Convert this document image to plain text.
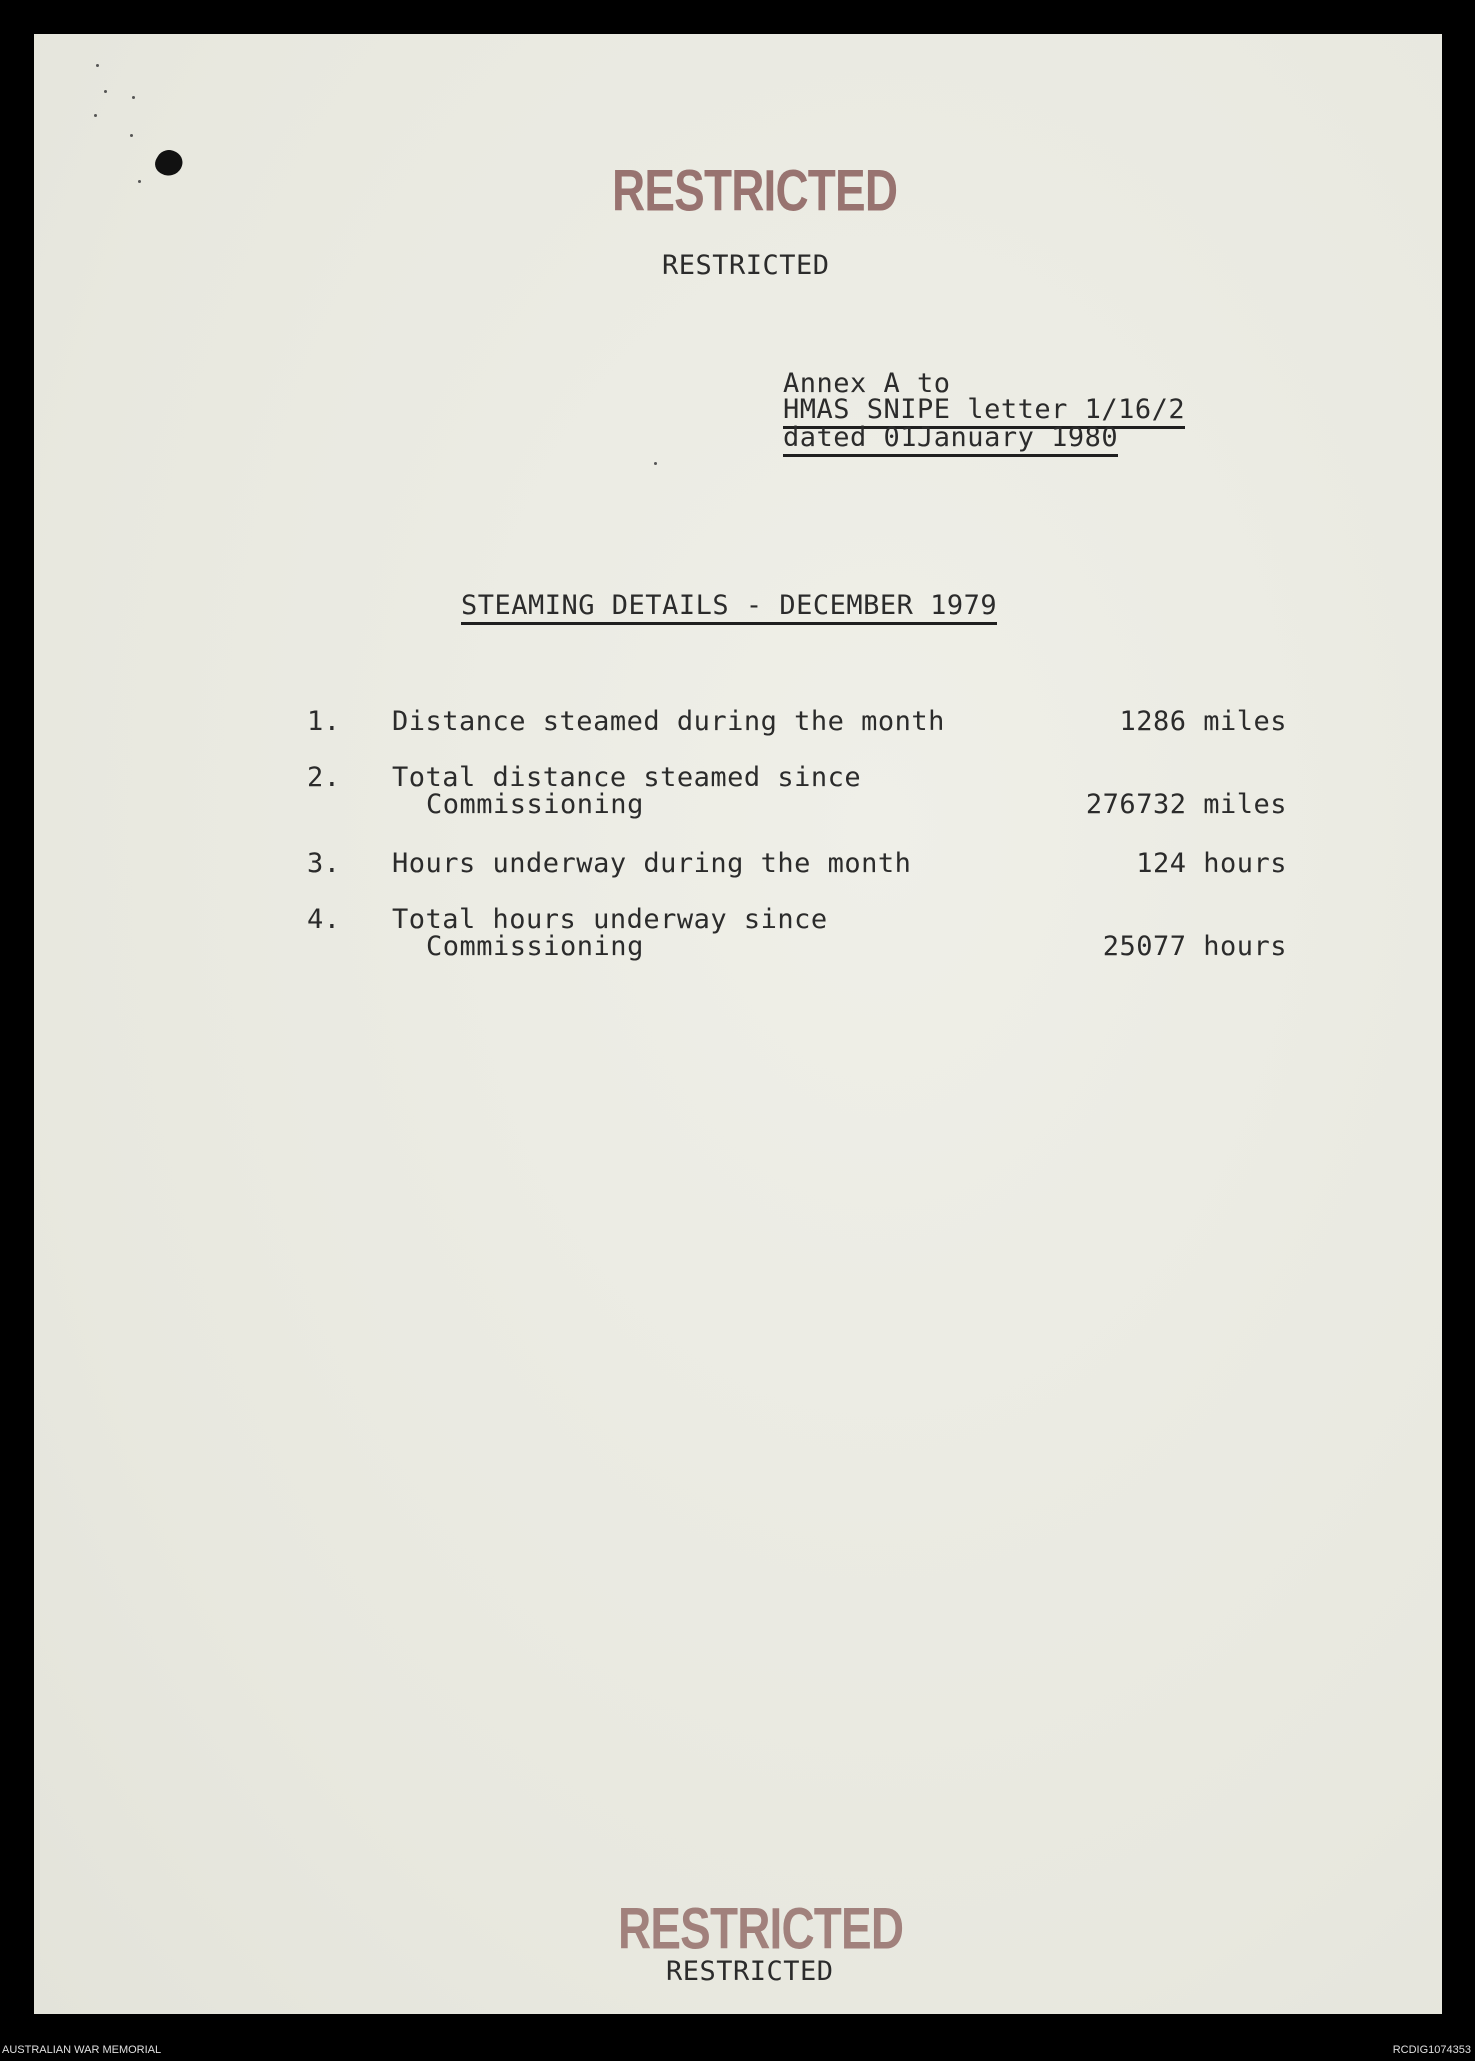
RESTRICTED
RESTRICTED
Annex A to
HMAS SNIPE letter 1/16/2
dated 01January 1980
STEAMING DETAILS - DECEMBER 1979
1. Distance steamed during the month	1286 miles
2. Total distance steamed since
Commissioning	276732 miles
3. Hours underway during the month	124 hours
4. Total hours underway since
Commissioning	25077 hours
RESTRICTED
RESTRICTED
AUSTRALIAN WAR MEMORIAL	RCDIG1074353
